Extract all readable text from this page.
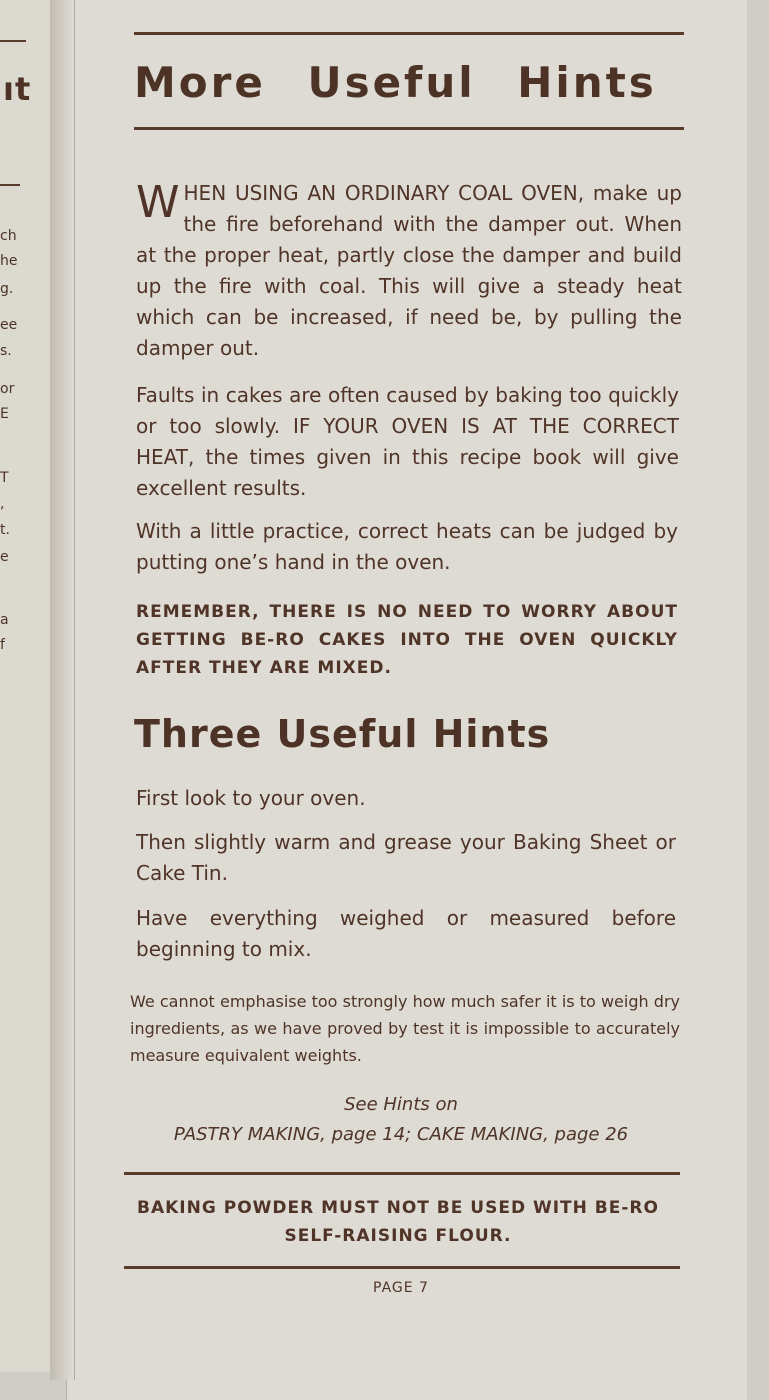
ıt
ch
he
g.
ee
s.
or
E
T
,
t.
e
a
f
More Useful Hints
W HEN USING AN ORDINARY COAL OVEN, make up the fire beforehand with the damper out. When at the proper heat, partly close the damper and build up the fire with coal. This will give a steady heat which can be increased, if need be, by pulling the damper out.
Faults in cakes are often caused by baking too quickly or too slowly. IF YOUR OVEN IS AT THE CORRECT HEAT, the times given in this recipe book will give excellent results.
With a little practice, correct heats can be judged by putting one’s hand in the oven.
REMEMBER, THERE IS NO NEED TO WORRY ABOUT GETTING BE-RO CAKES INTO THE OVEN QUICKLY AFTER THEY ARE MIXED.
Three Useful Hints
First look to your oven.
Then slightly warm and grease your Baking Sheet or Cake Tin.
Have everything weighed or measured before beginning to mix.
We cannot emphasise too strongly how much safer it is to weigh dry ingredients, as we have proved by test it is impossible to accurately measure equivalent weights.
See Hints on
PASTRY MAKING, page 14; CAKE MAKING, page 26
BAKING POWDER MUST NOT BE USED WITH BE-RO SELF-RAISING FLOUR.
PAGE 7
